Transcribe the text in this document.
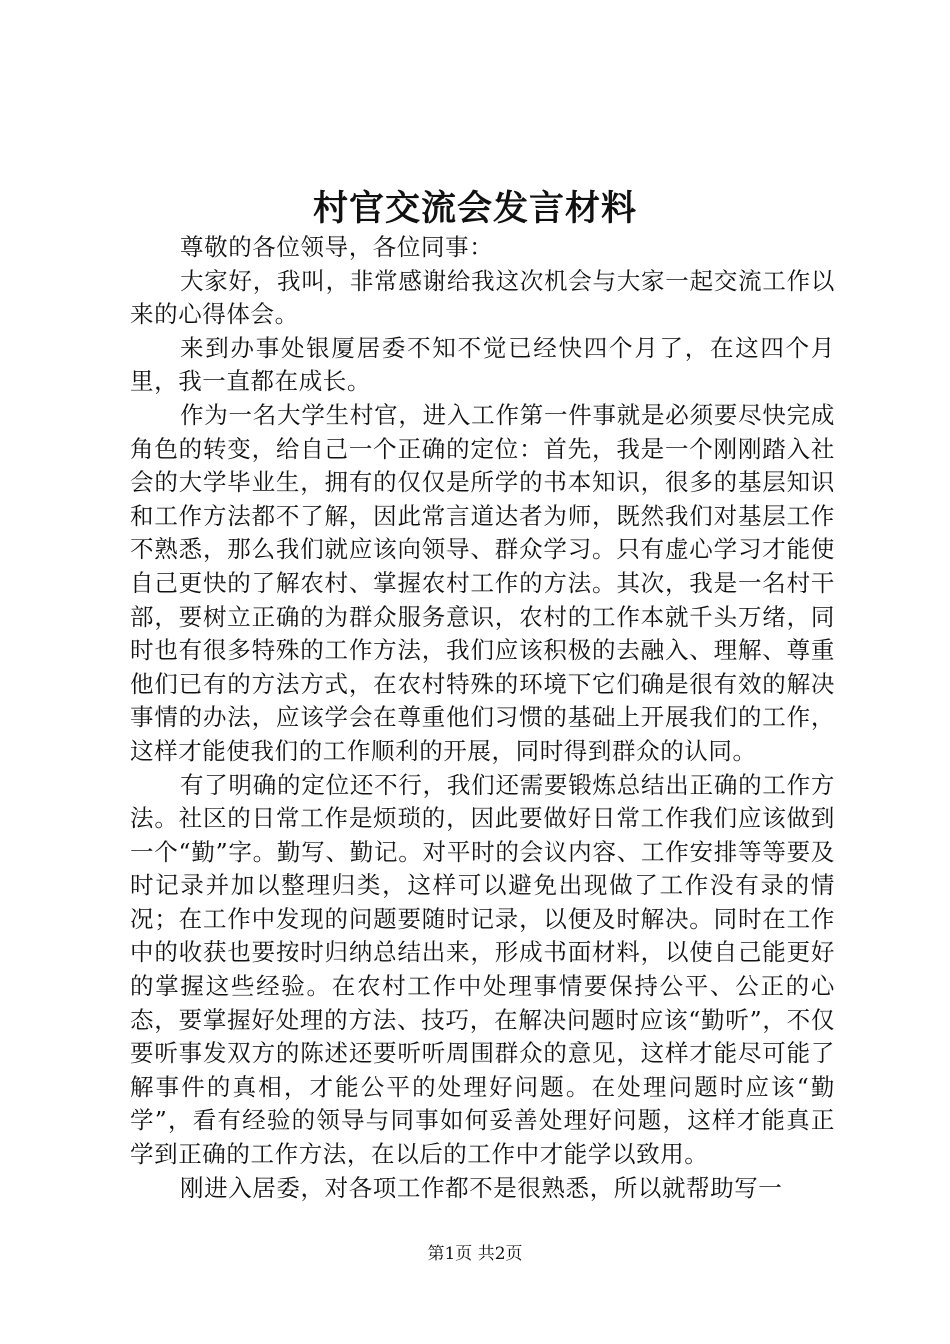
村官交流会发言材料

尊敬的各位领导，各位同事：

大家好，我叫，非常感谢给我这次机会与大家一起交流工作以来的心得体会。

来到办事处银厦居委不知不觉已经快四个月了，在这四个月里，我一直都在成长。

作为一名大学生村官，进入工作第一件事就是必须要尽快完成角色的转变，给自己一个正确的定位：首先，我是一个刚刚踏入社会的大学毕业生，拥有的仅仅是所学的书本知识，很多的基层知识和工作方法都不了解，因此常言道达者为师，既然我们对基层工作不熟悉，那么我们就应该向领导、群众学习。只有虚心学习才能使自己更快的了解农村、掌握农村工作的方法。其次，我是一名村干部，要树立正确的为群众服务意识，农村的工作本就千头万绪，同时也有很多特殊的工作方法，我们应该积极的去融入、理解、尊重他们已有的方法方式，在农村特殊的环境下它们确是很有效的解决事情的办法，应该学会在尊重他们习惯的基础上开展我们的工作，这样才能使我们的工作顺利的开展，同时得到群众的认同。

有了明确的定位还不行，我们还需要锻炼总结出正确的工作方法。社区的日常工作是烦琐的，因此要做好日常工作我们应该做到一个“勤”字。勤写、勤记。对平时的会议内容、工作安排等等要及时记录并加以整理归类，这样可以避免出现做了工作没有录的情况；在工作中发现的问题要随时记录，以便及时解决。同时在工作中的收获也要按时归纳总结出来，形成书面材料，以使自己能更好的掌握这些经验。在农村工作中处理事情要保持公平、公正的心态，要掌握好处理的方法、技巧，在解决问题时应该“勤听”，不仅要听事发双方的陈述还要听听周围群众的意见，这样才能尽可能了解事件的真相，才能公平的处理好问题。在处理问题时应该“勤学”，看有经验的领导与同事如何妥善处理好问题，这样才能真正学到正确的工作方法，在以后的工作中才能学以致用。

刚进入居委，对各项工作都不是很熟悉，所以就帮助写一

第1页 共2页
